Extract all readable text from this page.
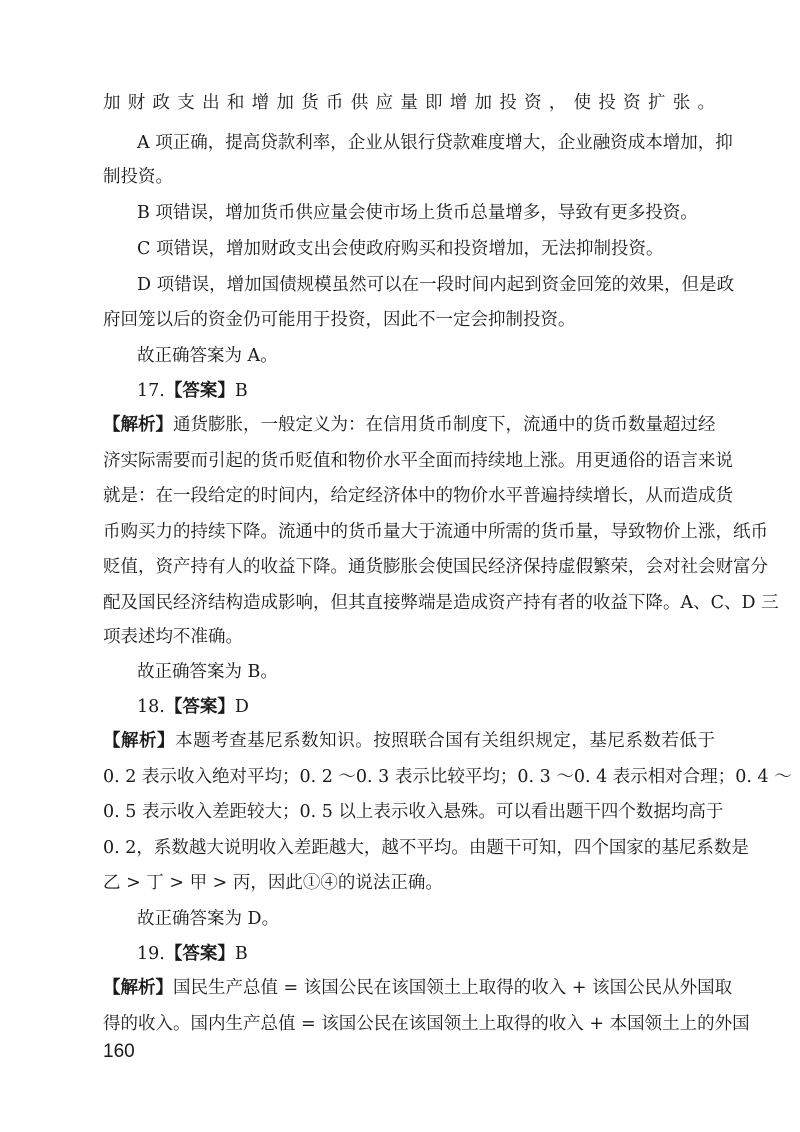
加财政支出和增加货币供应量即增加投资，使投资扩张。
A 项正确，提高贷款利率，企业从银行贷款难度增大，企业融资成本增加，抑
制投资。
B 项错误，增加货币供应量会使市场上货币总量增多，导致有更多投资。
C 项错误，增加财政支出会使政府购买和投资增加，无法抑制投资。
D 项错误，增加国债规模虽然可以在一段时间内起到资金回笼的效果，但是政
府回笼以后的资金仍可能用于投资，因此不一定会抑制投资。
故正确答案为 A。
17.【答案】B
【解析】通货膨胀，一般定义为：在信用货币制度下，流通中的货币数量超过经
济实际需要而引起的货币贬值和物价水平全面而持续地上涨。用更通俗的语言来说
就是：在一段给定的时间内，给定经济体中的物价水平普遍持续增长，从而造成货
币购买力的持续下降。流通中的货币量大于流通中所需的货币量，导致物价上涨，纸币
贬值，资产持有人的收益下降。通货膨胀会使国民经济保持虚假繁荣，会对社会财富分
配及国民经济结构造成影响，但其直接弊端是造成资产持有者的收益下降。A、C、D 三
项表述均不准确。
故正确答案为 B。
18.【答案】D
【解析】本题考查基尼系数知识。按照联合国有关组织规定，基尼系数若低于
0. 2 表示收入绝对平均；0. 2 ～0. 3 表示比较平均；0. 3 ～0. 4 表示相对合理；0. 4 ～
0. 5 表示收入差距较大；0. 5 以上表示收入悬殊。可以看出题干四个数据均高于
0. 2，系数越大说明收入差距越大，越不平均。由题干可知，四个国家的基尼系数是
乙 > 丁 > 甲 > 丙，因此①④的说法正确。
故正确答案为 D。
19.【答案】B
【解析】国民生产总值 = 该国公民在该国领土上取得的收入 + 该国公民从外国取
得的收入。国内生产总值 = 该国公民在该国领土上取得的收入 + 本国领土上的外国
160
